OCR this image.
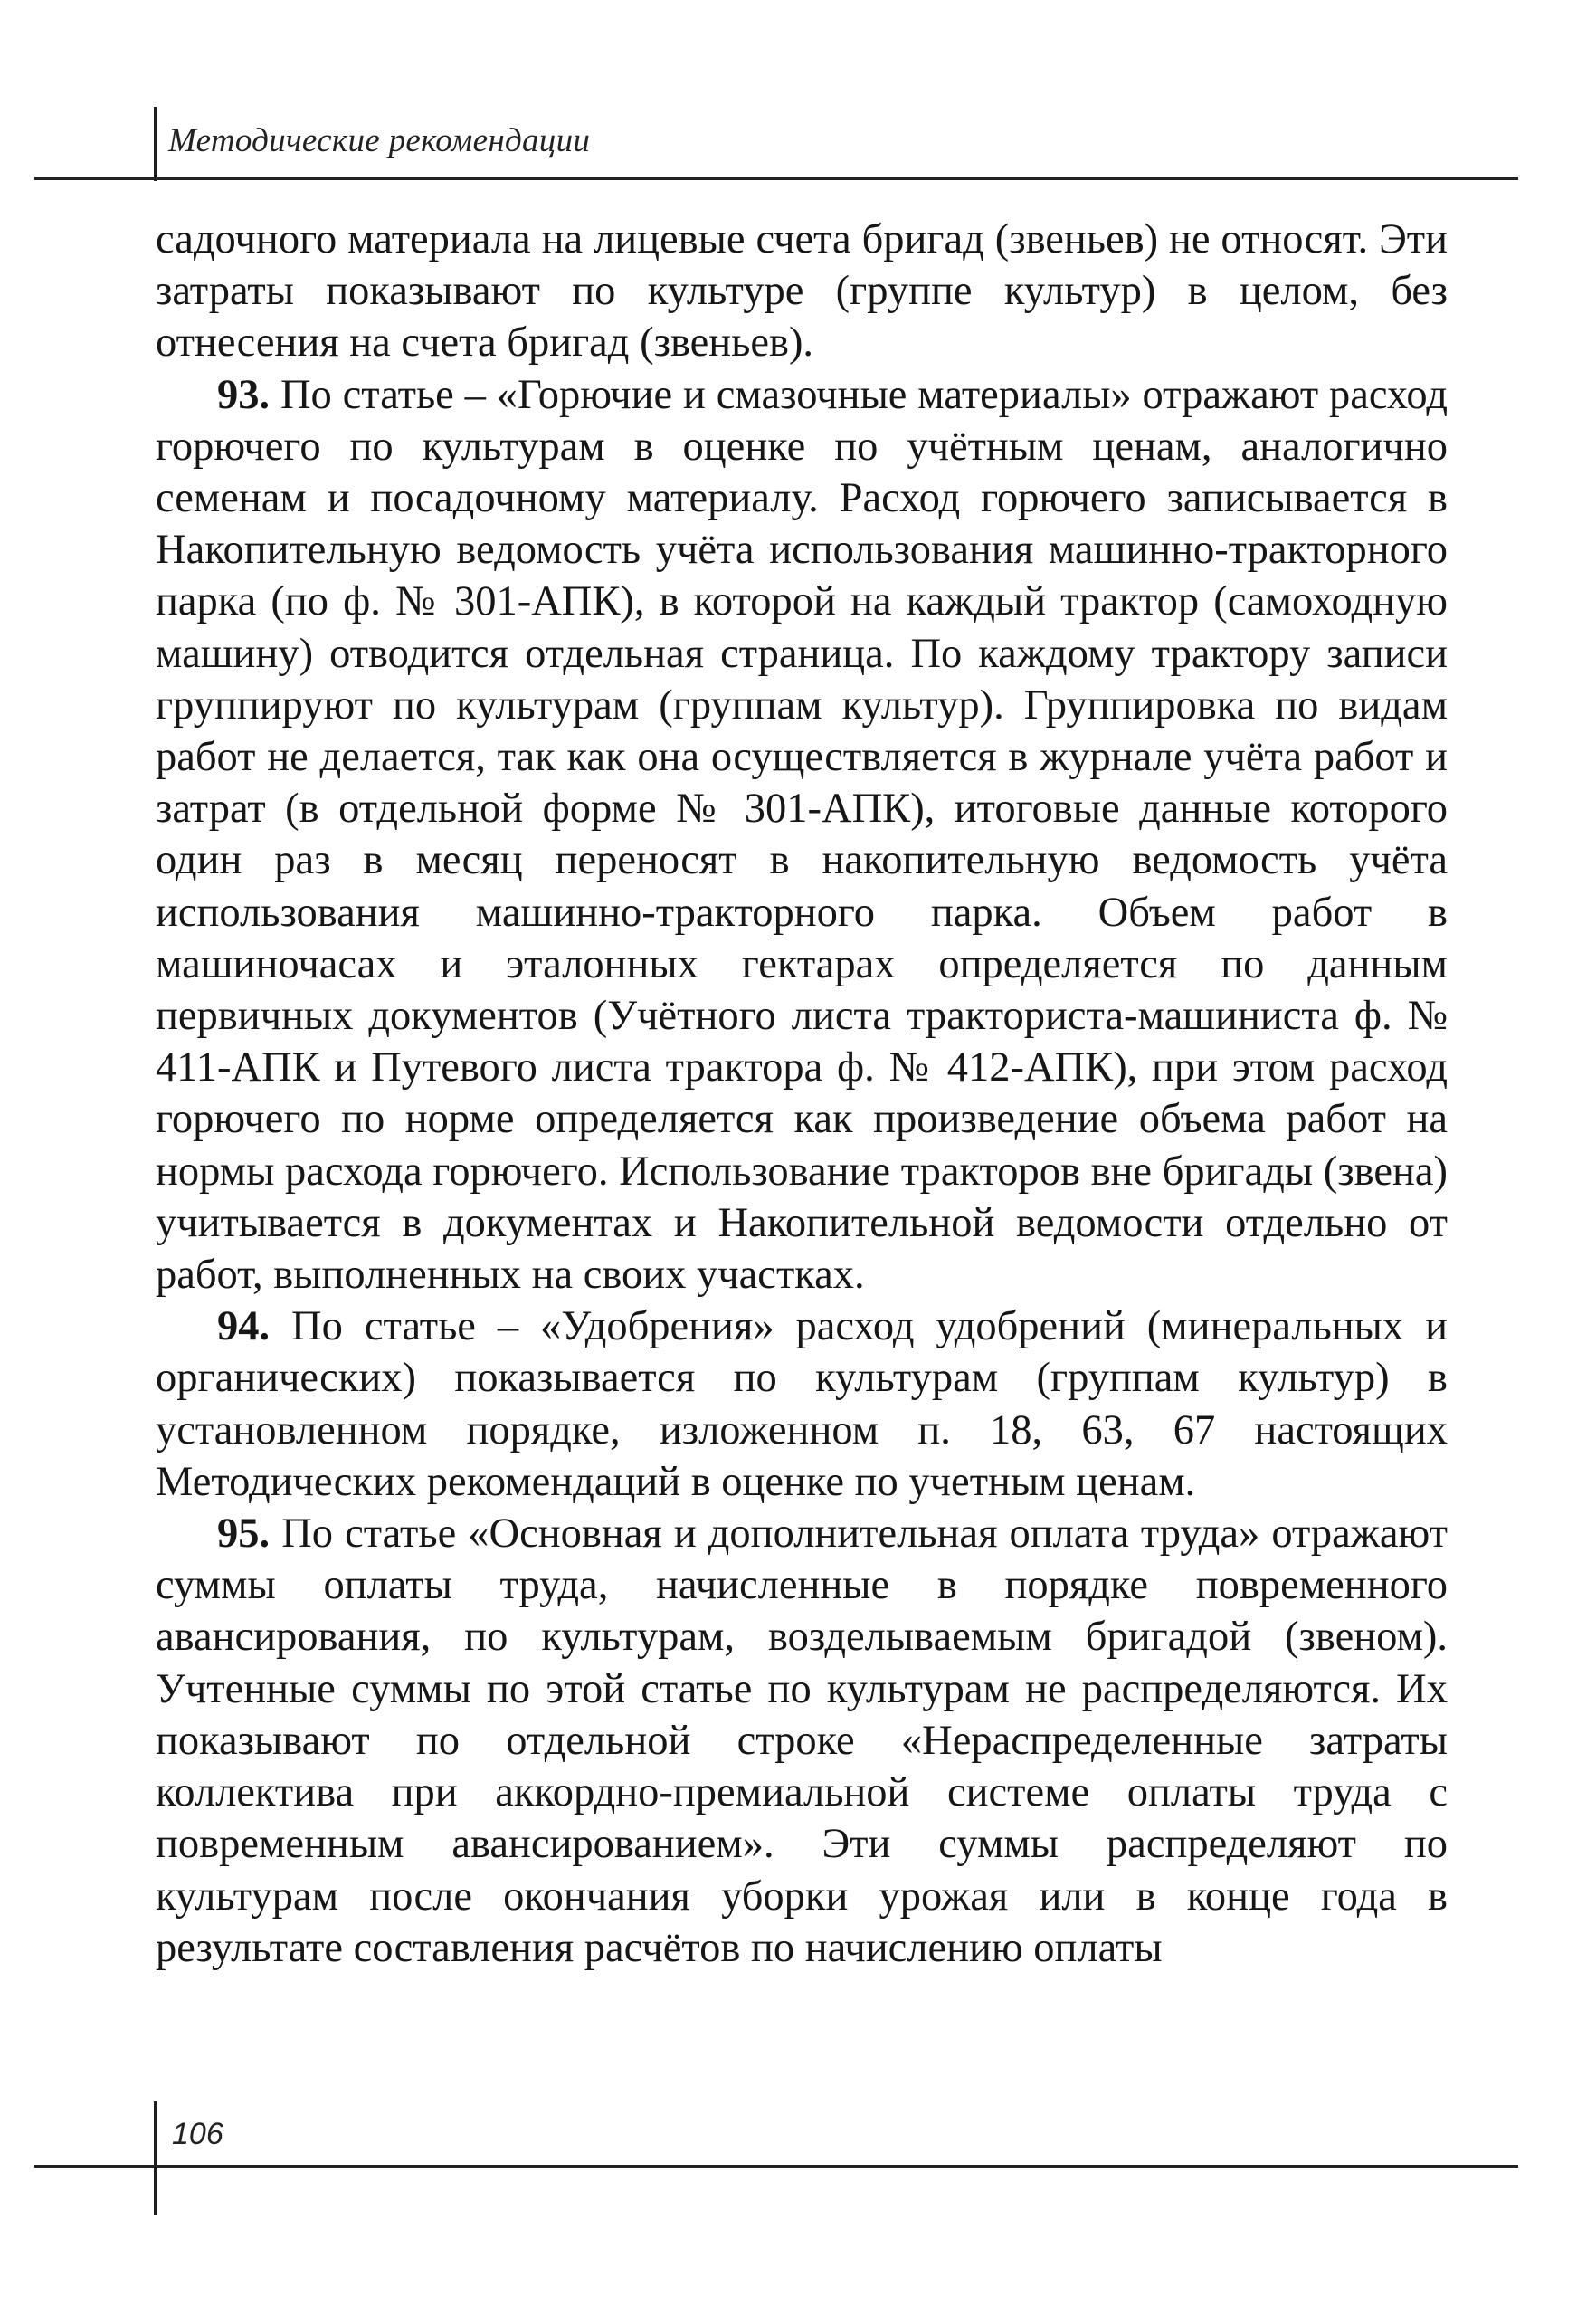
Методические рекомендации

садочного материала на лицевые счета бригад (звеньев) не относят. Эти затраты показывают по культуре (группе культур) в целом, без отнесения на счета бригад (звеньев).

93. По статье – «Горючие и смазочные материалы» отражают расход горючего по культурам в оценке по учётным ценам, аналогично семенам и посадочному материалу. Расход горючего записывается в Накопительную ведомость учёта использования машинно-тракторного парка (по ф. № 301-АПК), в которой на каждый трактор (самоходную машину) отводится отдельная страница. По каждому трактору записи группируют по культурам (группам культур). Группировка по видам работ не делается, так как она осуществляется в журнале учёта работ и затрат (в отдельной форме № 301-АПК), итоговые данные которого один раз в месяц переносят в накопительную ведомость учёта использования машинно-тракторного парка. Объем работ в машиночасах и эталонных гектарах определяется по данным первичных документов (Учётного листа тракториста-машиниста ф. № 411-АПК и Путевого листа трактора ф. № 412-АПК), при этом расход горючего по норме определяется как произведение объема работ на нормы расхода горючего. Использование тракторов вне бригады (звена) учитывается в документах и Накопительной ведомости отдельно от работ, выполненных на своих участках.

94. По статье – «Удобрения» расход удобрений (минеральных и органических) показывается по культурам (группам культур) в установленном порядке, изложенном п. 18, 63, 67 настоящих Методических рекомендаций в оценке по учетным ценам.

95. По статье «Основная и дополнительная оплата труда» отражают суммы оплаты труда, начисленные в порядке повременного авансирования, по культурам, возделываемым бригадой (звеном). Учтенные суммы по этой статье по культурам не распределяются. Их показывают по отдельной строке «Нераспределенные затраты коллектива при аккордно-премиальной системе оплаты труда с повременным авансированием». Эти суммы распределяют по культурам после окончания уборки урожая или в конце года в результате составления расчётов по начислению оплаты

106
